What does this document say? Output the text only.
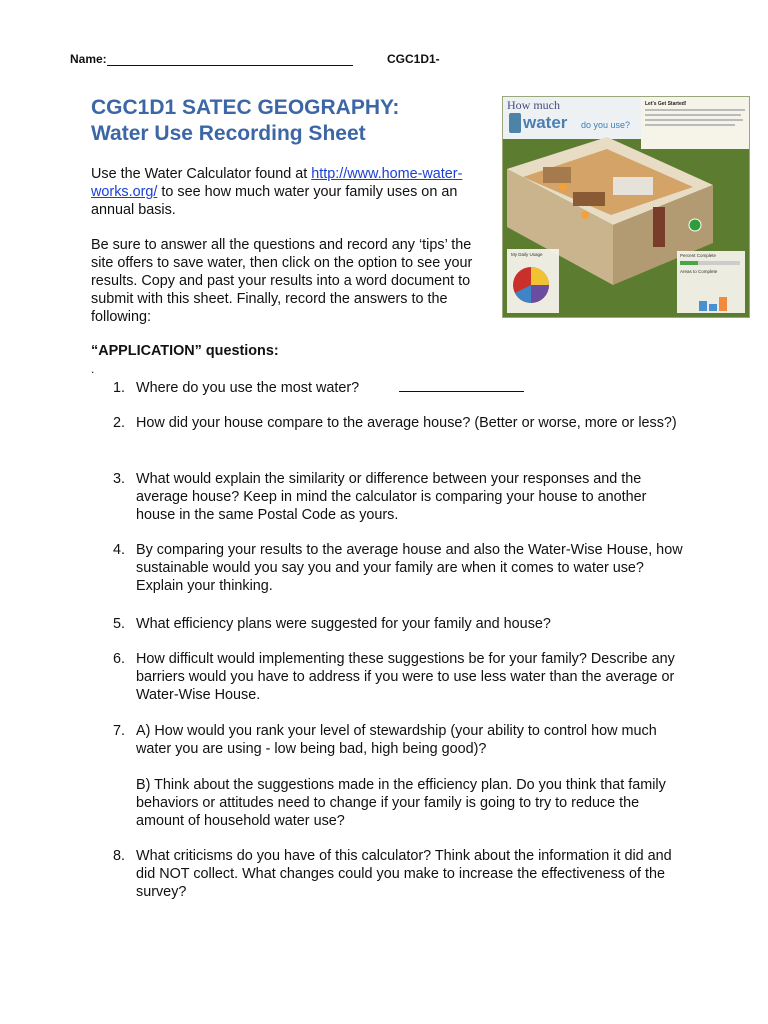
Name:	CGC1D1-
CGC1D1 SATEC GEOGRAPHY:
Water Use Recording Sheet
Use the Water Calculator found at http://www.home-water-works.org/ to see how much water your family uses on an annual basis.
Be sure to answer all the questions and record any ‘tips’ the site offers to save water, then click on the option to see your results. Copy and past your results into a word document to submit with this sheet. Finally, record the answers to the following:
“APPLICATION” questions:
.
1. Where do you use the most water?
2. How did your house compare to the average house? (Better or worse, more or less?)
3. What would explain the similarity or difference between your responses and the average house? Keep in mind the calculator is comparing your house to another house in the same Postal Code as yours.
4. By comparing your results to the average house and also the Water-Wise House, how sustainable would you say you and your family are when it comes to water use? Explain your thinking.
5. What efficiency plans were suggested for your family and house?
6. How difficult would implementing these suggestions be for your family? Describe any barriers would you have to address if you were to use less water than the average or Water-Wise House.
7. A) How would you rank your level of stewardship (your ability to control how much water you are using - low being bad, high being good)?
B) Think about the suggestions made in the efficiency plan. Do you think that family behaviors or attitudes need to change if your family is going to try to reduce the amount of household water use?
8. What criticisms do you have of this calculator? Think about the information it did and did NOT collect. What changes could you make to increase the effectiveness of the survey?
How much
water do you use?
Let's Get Started!
My Daily Usage	Percent Complete
Areas to Complete
